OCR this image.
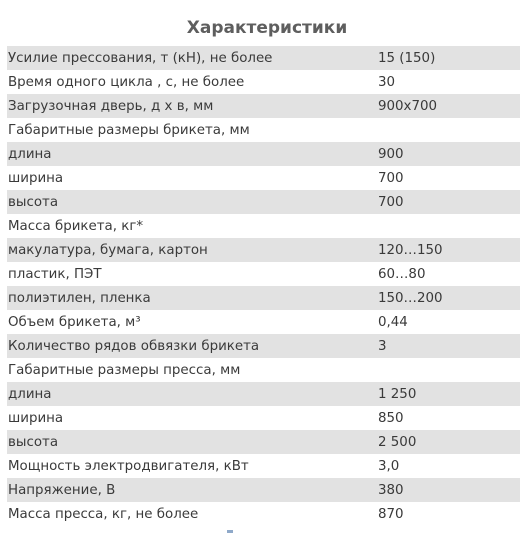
Характеристики
Усилие прессования, т (кН), не более	15 (150)
Время одного цикла , с, не более	30
Загрузочная дверь, д х в, мм	900х700
Габаритные размеры брикета, мм
длина	900
ширина	700
высота	700
Масса брикета, кг*
макулатура, бумага, картон	120…150
пластик, ПЭТ	60…80
полиэтилен, пленка	150…200
Объем брикета, м³	0,44
Количество рядов обвязки брикета	3
Габаритные размеры пресса, мм
длина	1 250
ширина	850
высота	2 500
Мощность электродвигателя, кВт	3,0
Напряжение, В	380
Масса пресса, кг, не более	870
